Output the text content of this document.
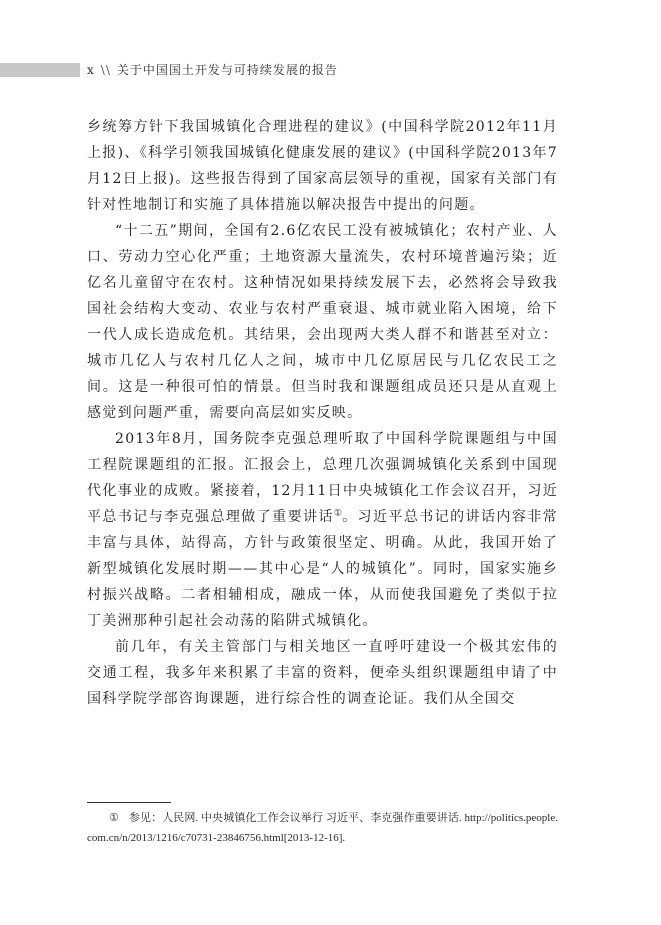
x \\ 关于中国国土开发与可持续发展的报告

乡统筹方针下我国城镇化合理进程的建议》(中国科学院2012年11月上报)、《科学引领我国城镇化健康发展的建议》(中国科学院2013年7月12日上报)。这些报告得到了国家高层领导的重视，国家有关部门有针对性地制订和实施了具体措施以解决报告中提出的问题。

“十二五”期间，全国有2.6亿农民工没有被城镇化；农村产业、人口、劳动力空心化严重；土地资源大量流失，农村环境普遍污染；近亿名儿童留守在农村。这种情况如果持续发展下去，必然将会导致我国社会结构大变动、农业与农村严重衰退、城市就业陷入困境，给下一代人成长造成危机。其结果，会出现两大类人群不和谐甚至对立：城市几亿人与农村几亿人之间，城市中几亿原居民与几亿农民工之间。这是一种很可怕的情景。但当时我和课题组成员还只是从直观上感觉到问题严重，需要向高层如实反映。

2013年8月，国务院李克强总理听取了中国科学院课题组与中国工程院课题组的汇报。汇报会上，总理几次强调城镇化关系到中国现代化事业的成败。紧接着，12月11日中央城镇化工作会议召开，习近平总书记与李克强总理做了重要讲话①。习近平总书记的讲话内容非常丰富与具体，站得高，方针与政策很坚定、明确。从此，我国开始了新型城镇化发展时期——其中心是“人的城镇化”。同时，国家实施乡村振兴战略。二者相辅相成，融成一体，从而使我国避免了类似于拉丁美洲那种引起社会动荡的陷阱式城镇化。

前几年，有关主管部门与相关地区一直呼吁建设一个极其宏伟的交通工程，我多年来积累了丰富的资料，便牵头组织课题组申请了中国科学院学部咨询课题，进行综合性的调查论证。我们从全国交

① 参见：人民网. 中央城镇化工作会议举行 习近平、李克强作重要讲话. http://politics.people.com.cn/n/2013/1216/c70731-23846756.html[2013-12-16].
